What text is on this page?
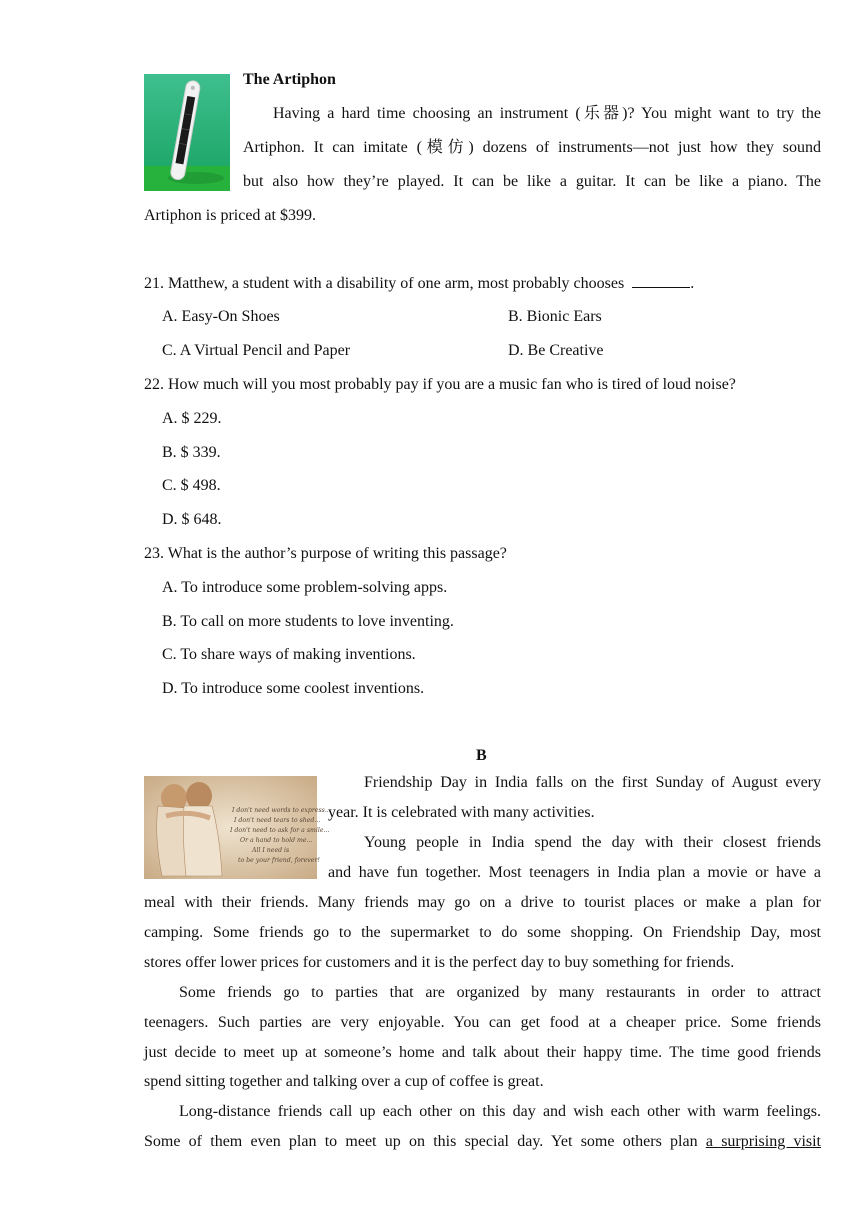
The Artiphon
Having a hard time choosing an instrument (乐器)? You might want to try the
Artiphon. It can imitate (模仿) dozens of instruments—not just how they sound
but also how they’re played. It can be like a guitar. It can be like a piano. The
Artiphon is priced at $399.
21. Matthew, a student with a disability of one arm, most probably chooses	.
A. Easy-On Shoes	B. Bionic Ears
C. A Virtual Pencil and Paper	D. Be Creative
22. How much will you most probably pay if you are a music fan who is tired of loud noise?
A. $ 229.
B. $ 339.
C. $ 498.
D. $ 648.
23. What is the author’s purpose of writing this passage?
A. To introduce some problem-solving apps.
B. To call on more students to love inventing.
C. To share ways of making inventions.
D. To introduce some coolest inventions.
B
I don't need words to express...
I don't need tears to shed...
I don't need to ask for a smile...
Or a hand to hold me...
All I need is
to be your friend, forever!
Friendship Day in India falls on the first Sunday of August every
year. It is celebrated with many activities.
Young people in India spend the day with their closest friends
and have fun together. Most teenagers in India plan a movie or have a
meal with their friends. Many friends may go on a drive to tourist places or make a plan for
camping. Some friends go to the supermarket to do some shopping. On Friendship Day, most
stores offer lower prices for customers and it is the perfect day to buy something for friends.
Some friends go to parties that are organized by many restaurants in order to attract
teenagers. Such parties are very enjoyable. You can get food at a cheaper price. Some friends
just decide to meet up at someone’s home and talk about their happy time. The time good friends
spend sitting together and talking over a cup of coffee is great.
Long-distance friends call up each other on this day and wish each other with warm feelings.
Some of them even plan to meet up on this special day. Yet some others plan a surprising visit
